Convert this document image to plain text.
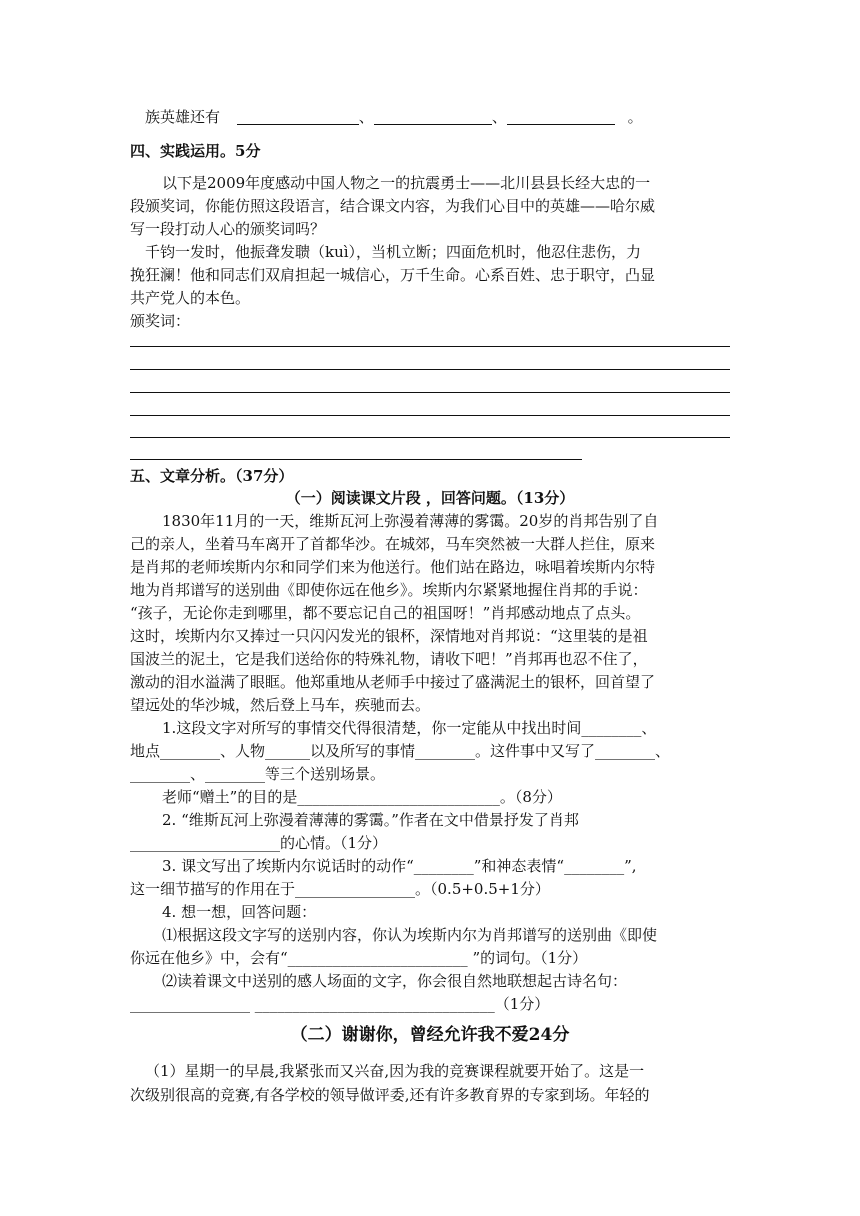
族英雄还有	、	、	。
四、实践运用。5分
以下是2009年度感动中国人物之一的抗震勇士——北川县县长经大忠的一
段颁奖词，你能仿照这段语言，结合课文内容，为我们心目中的英雄——哈尔威
写一段打动人心的颁奖词吗？
千钧一发时，他振聋发聩（kuì），当机立断；四面危机时，他忍住悲伤，力
挽狂澜！他和同志们双肩担起一城信心，万千生命。心系百姓、忠于职守，凸显
共产党人的本色。
颁奖词：
五、文章分析。（37分）
（一）阅读课文片段 ，回答问题。（13分）
1830年11月的一天，维斯瓦河上弥漫着薄薄的雾霭。20岁的肖邦告别了自
己的亲人，坐着马车离开了首都华沙。在城郊，马车突然被一大群人拦住，原来
是肖邦的老师埃斯内尔和同学们来为他送行。他们站在路边，咏唱着埃斯内尔特
地为肖邦谱写的送别曲《即使你远在他乡》。埃斯内尔紧紧地握住肖邦的手说：
“孩子，无论你走到哪里，都不要忘记自己的祖国呀！”肖邦感动地点了点头。
这时，埃斯内尔又捧过一只闪闪发光的银杯，深情地对肖邦说：“这里装的是祖
国波兰的泥土，它是我们送给你的特殊礼物，请收下吧！”肖邦再也忍不住了，
激动的泪水溢满了眼眶。他郑重地从老师手中接过了盛满泥土的银杯，回首望了
望远处的华沙城，然后登上马车，疾驰而去。
1.这段文字对所写的事情交代得很清楚，你一定能从中找出时间________、
地点________、人物______以及所写的事情________。这件事中又写了________、
________、________等三个送别场景。
老师“赠土”的目的是___________________________。（8分）
2. “维斯瓦河上弥漫着薄薄的雾霭。”作者在文中借景抒发了肖邦
____________________的心情。（1分）
3. 课文写出了埃斯内尔说话时的动作“________”和神态表情“________”,
这一细节描写的作用在于________________。（0.5+0.5+1分）
4. 想一想，回答问题：
⑴根据这段文字写的送别内容，你认为埃斯内尔为肖邦谱写的送别曲《即使
你远在他乡》中，会有“________________________ ”的词句。（1分）
⑵读着课文中送别的感人场面的文字，你会很自然地联想起古诗名句：
________________ ________________________________（1分）
（二）谢谢你，曾经允许我不爱24分
（1）星期一的早晨,我紧张而又兴奋,因为我的竞赛课程就要开始了。这是一
次级别很高的竞赛,有各学校的领导做评委,还有许多教育界的专家到场。年轻的
